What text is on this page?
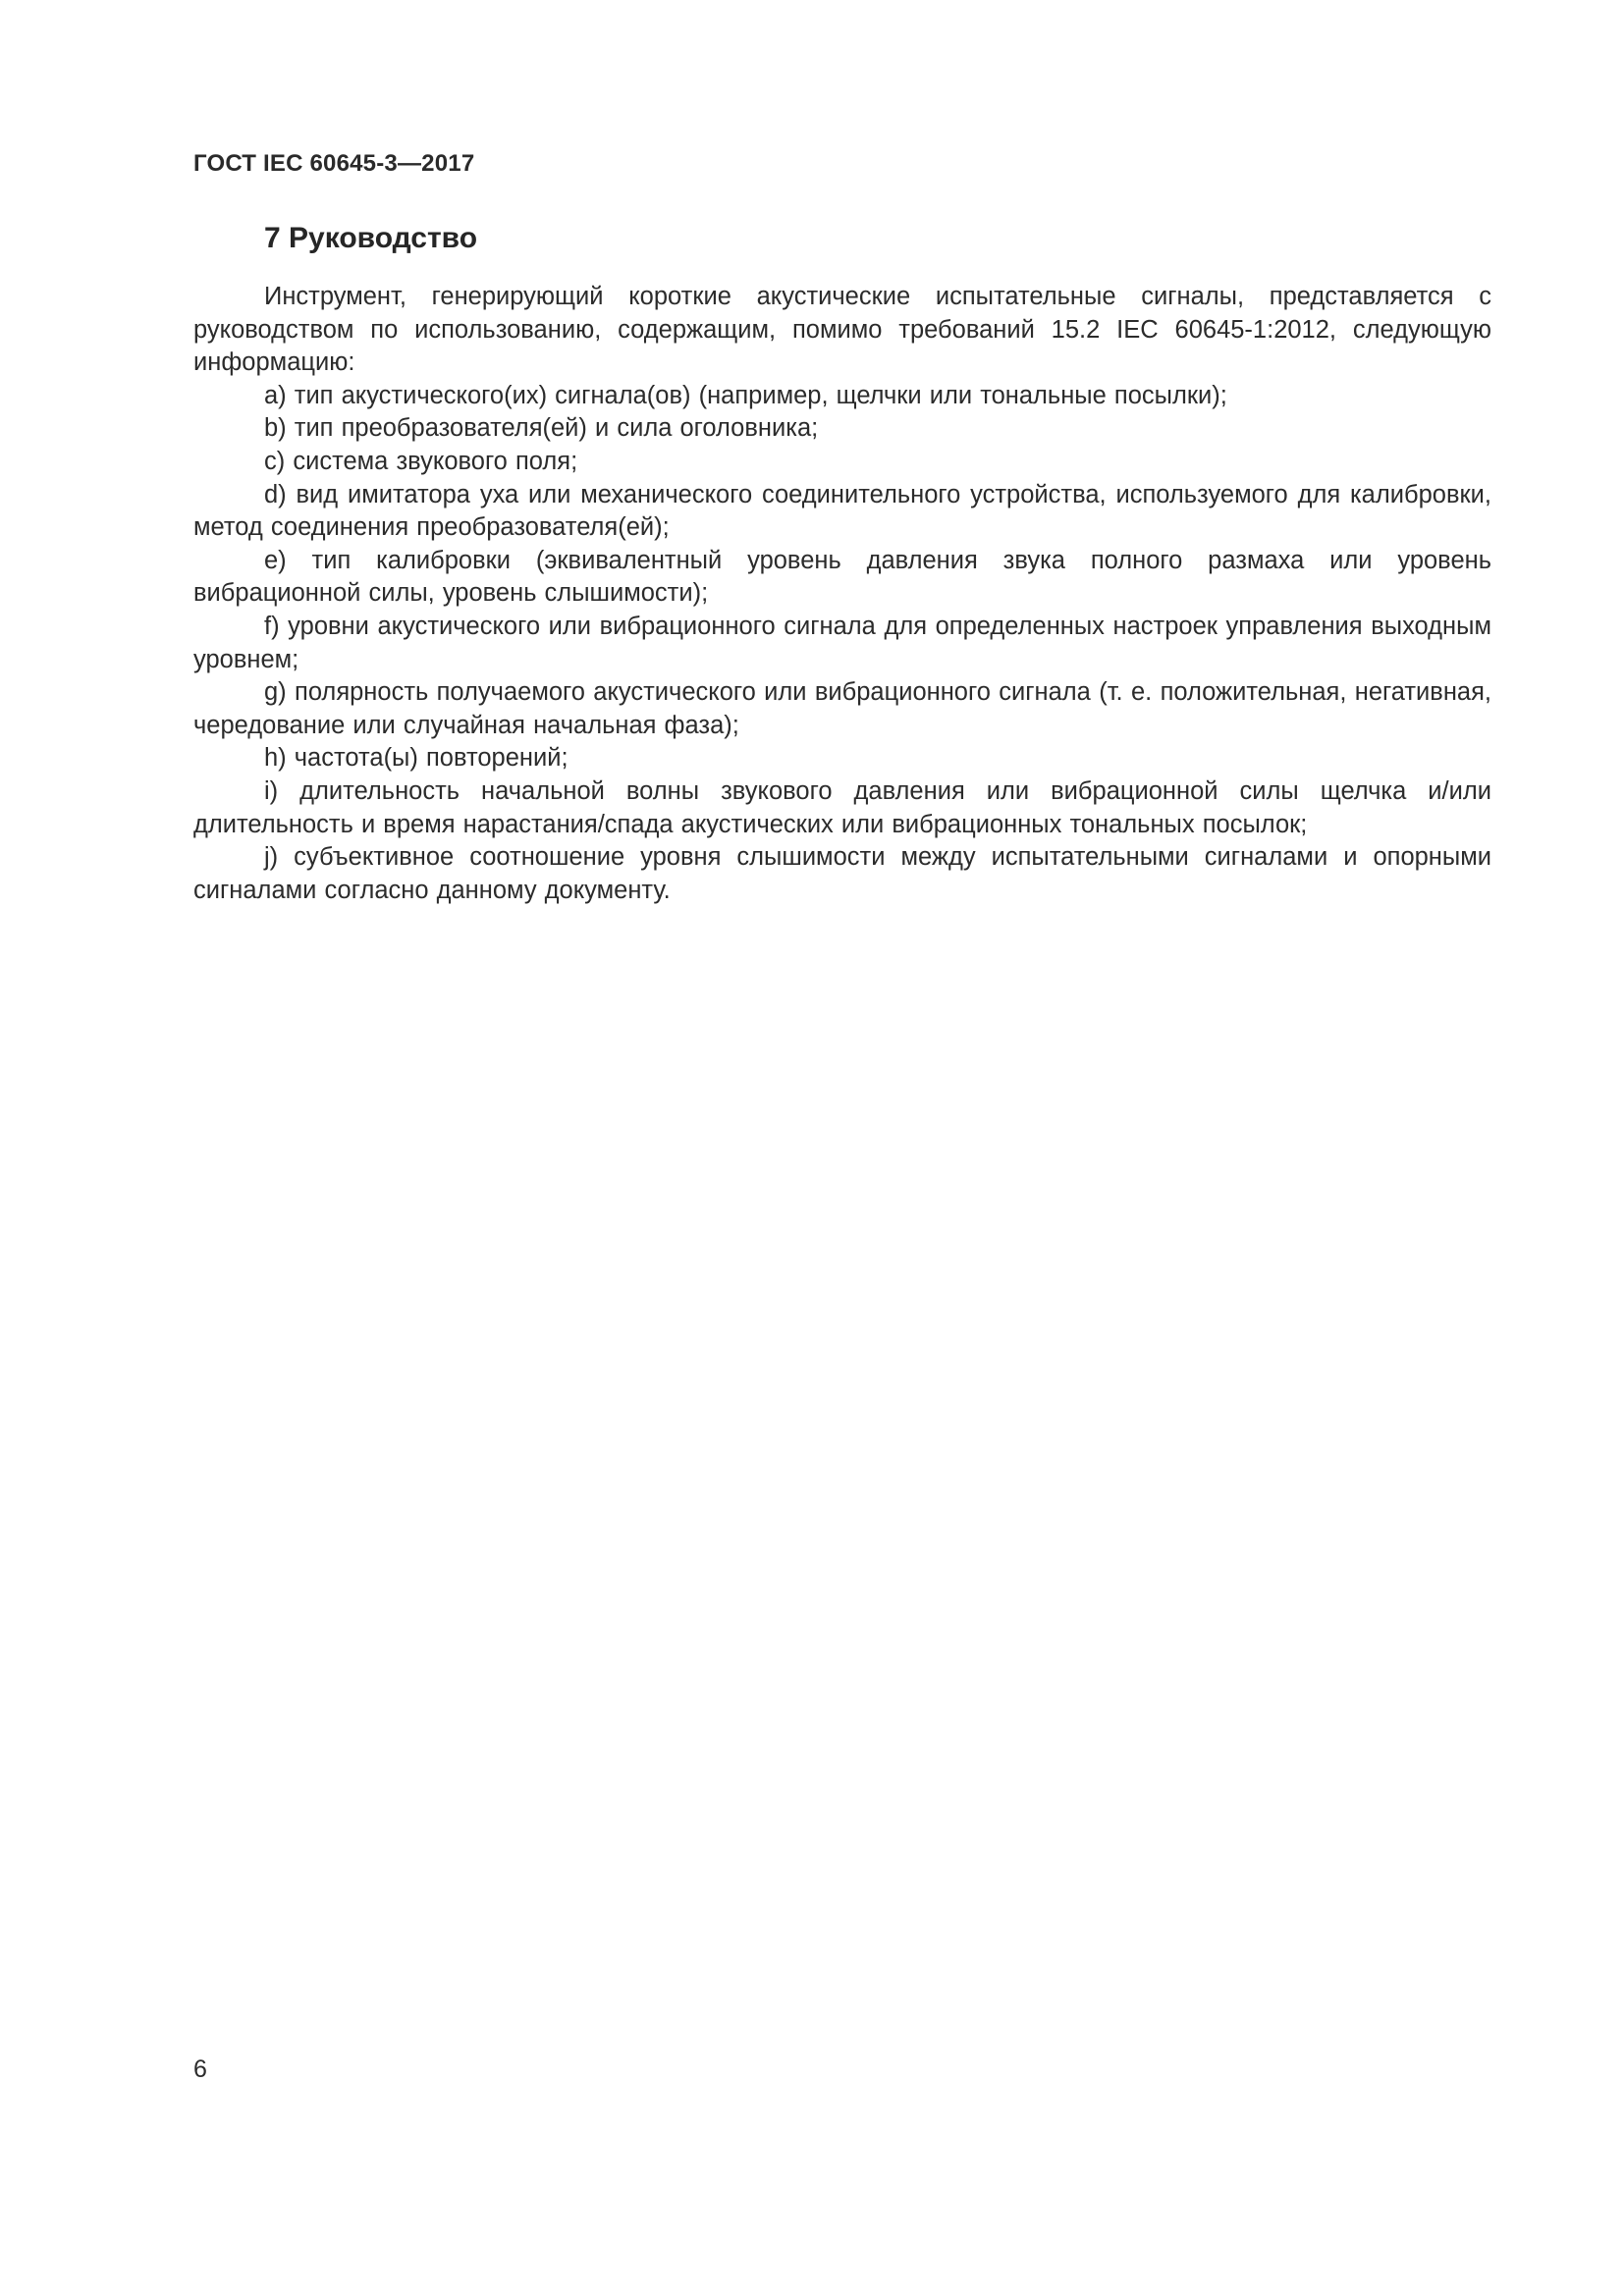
ГОСТ IEC 60645-3—2017
7 Руководство

Инструмент, генерирующий короткие акустические испытательные сигналы, представляется с руководством по использованию, содержащим, помимо требований 15.2 IEC 60645-1:2012, следующую информацию:

a) тип акустического(их) сигнала(ов) (например, щелчки или тональные посылки);

b) тип преобразователя(ей) и сила оголовника;

c) система звукового поля;

d) вид имитатора уха или механического соединительного устройства, используемого для калибровки, метод соединения преобразователя(ей);

e) тип калибровки (эквивалентный уровень давления звука полного размаха или уровень вибрационной силы, уровень слышимости);

f) уровни акустического или вибрационного сигнала для определенных настроек управления выходным уровнем;

g) полярность получаемого акустического или вибрационного сигнала (т. е. положительная, негативная, чередование или случайная начальная фаза);

h) частота(ы) повторений;

i) длительность начальной волны звукового давления или вибрационной силы щелчка и/или длительность и время нарастания/спада акустических или вибрационных тональных посылок;

j) субъективное соотношение уровня слышимости между испытательными сигналами и опорными сигналами согласно данному документу.

6
